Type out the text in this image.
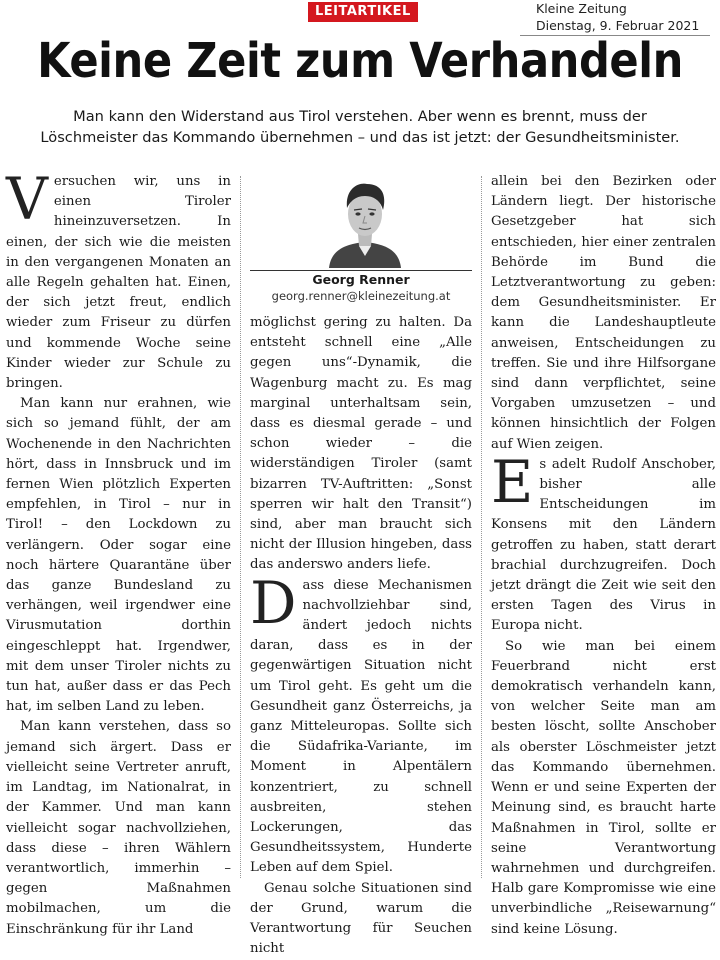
LEITARTIKEL	Kleine Zeitung
Dienstag, 9. Februar 2021
Keine Zeit zum Verhandeln
Man kann den Widerstand aus Tirol verstehen. Aber wenn es brennt, muss der
Löschmeister das Kommando übernehmen – und das ist jetzt: der Gesundheitsminister.

Versuchen wir, uns in einen Tiroler hineinzuversetzen. In einen, der sich wie die meisten in den vergangenen Monaten an alle Regeln gehalten hat. Einen, der sich jetzt freut, endlich wieder zum Friseur zu dürfen und kommende Woche seine Kinder wieder zur Schule zu bringen.

Man kann nur erahnen, wie sich so jemand fühlt, der am Wochenende in den Nachrichten hört, dass in Innsbruck und im fernen Wien plötzlich Experten empfehlen, in Tirol – nur in Tirol! – den Lockdown zu verlängern. Oder sogar eine noch härtere Quarantäne über das ganze Bundesland zu verhängen, weil irgendwer eine Virusmutation dorthin eingeschleppt hat. Irgendwer, mit dem unser Tiroler nichts zu tun hat, außer dass er das Pech hat, im selben Land zu leben.

Man kann verstehen, dass so jemand sich ärgert. Dass er vielleicht seine Vertreter anruft, im Landtag, im Nationalrat, in der Kammer. Und man kann vielleicht sogar nachvollziehen, dass diese – ihren Wählern verantwortlich, immerhin – gegen Maßnahmen mobilmachen, um die Einschränkung für ihr Land

Georg Renner
georg.renner@kleinezeitung.at

möglichst gering zu halten. Da entsteht schnell eine „Alle gegen uns“-Dynamik, die Wagenburg macht zu. Es mag marginal unterhaltsam sein, dass es diesmal gerade – und schon wieder – die widerständigen Tiroler (samt bizarren TV-Auftritten: „Sonst sperren wir halt den Transit“) sind, aber man braucht sich nicht der Illusion hingeben, dass das anderswo anders liefe.

Dass diese Mechanismen nachvollziehbar sind, ändert jedoch nichts daran, dass es in der gegenwärtigen Situation nicht um Tirol geht. Es geht um die Gesundheit ganz Österreichs, ja ganz Mitteleuropas. Sollte sich die Südafrika-Variante, im Moment in Alpentälern konzentriert, zu schnell ausbreiten, stehen Lockerungen, das Gesundheitssystem, Hunderte Leben auf dem Spiel.

Genau solche Situationen sind der Grund, warum die Verantwortung für Seuchen nicht

allein bei den Bezirken oder Ländern liegt. Der historische Gesetzgeber hat sich entschieden, hier einer zentralen Behörde im Bund die Letztverantwortung zu geben: dem Gesundheitsminister. Er kann die Landeshauptleute anweisen, Entscheidungen zu treffen. Sie und ihre Hilfsorgane sind dann verpflichtet, seine Vorgaben umzusetzen – und können hinsichtlich der Folgen auf Wien zeigen.

Es adelt Rudolf Anschober, bisher alle Entscheidungen im Konsens mit den Ländern getroffen zu haben, statt derart brachial durchzugreifen. Doch jetzt drängt die Zeit wie seit den ersten Tagen des Virus in Europa nicht.

So wie man bei einem Feuerbrand nicht erst demokratisch verhandeln kann, von welcher Seite man am besten löscht, sollte Anschober als oberster Löschmeister jetzt das Kommando übernehmen. Wenn er und seine Experten der Meinung sind, es braucht harte Maßnahmen in Tirol, sollte er seine Verantwortung wahrnehmen und durchgreifen. Halb gare Kompromisse wie eine unverbindliche „Reisewarnung“ sind keine Lösung.
